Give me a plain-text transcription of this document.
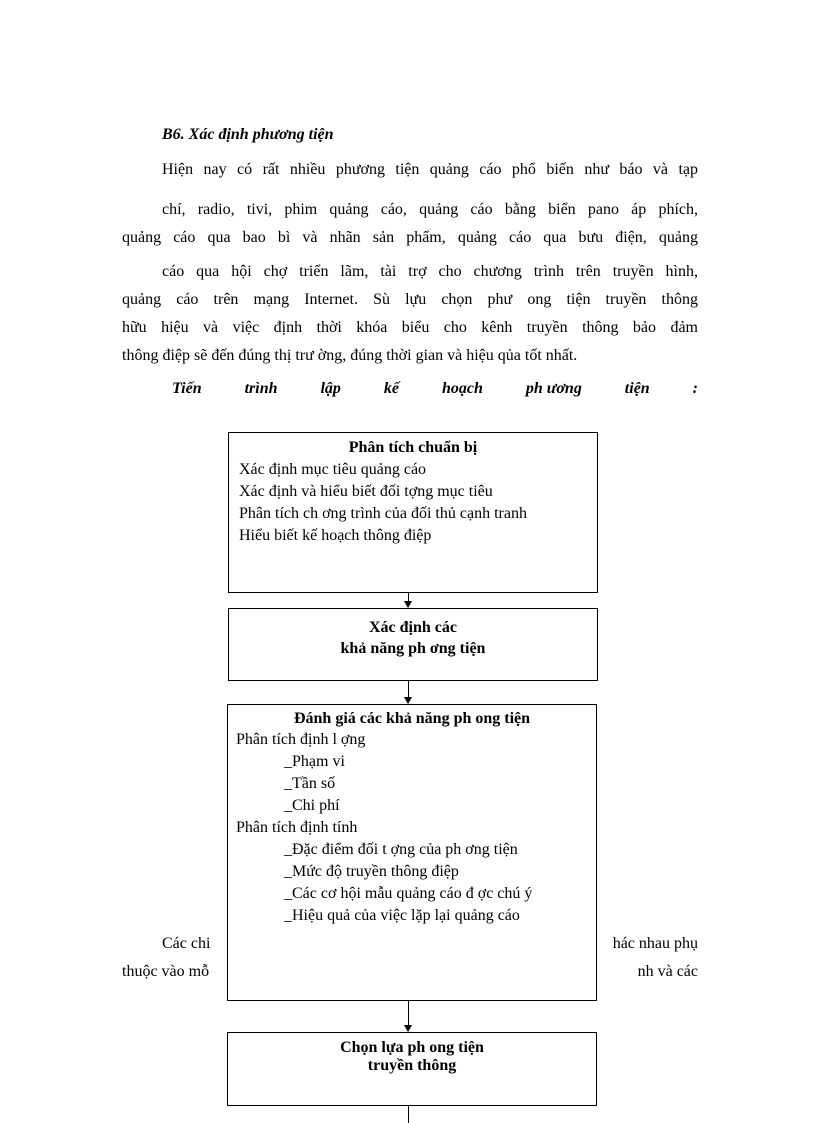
B6. Xác định phương tiện
Hiện nay có rất nhiều phương tiện quảng cáo phổ biến như báo và tạp
chí, radio, tivi, phim quảng cáo, quảng cáo bằng biển pano áp phích,
quảng cáo qua bao bì và nhãn sản phẩm, quảng cáo qua bưu điện, quảng
cáo qua hội chợ triển lãm, tài trợ cho chương trình trên truyền hình,
quảng cáo trên mạng Internet. Sù lựu chọn phư ong tiện truyền thông
hữu hiệu và việc định thời khóa biểu cho kênh truyền thông bảo đảm
thông điệp sẽ đến đúng thị trư ờng, đúng thời gian và hiệu qủa tốt nhất.
Tiến	trình	lập	kế	hoạch	ph ương	tiện	:
Các chi	hác nhau phụ
thuộc vào mỗ	nh và các
Phân tích chuẩn bị
Xác định mục tiêu quảng cáo
Xác định và hiểu biết đối tợng mục tiêu
Phân tích ch ơng trình của đối thủ cạnh tranh
Hiểu biết kế hoạch thông điệp
Xác định các
khả năng ph ơng tiện
Đánh giá các khả năng ph ong tiện
Phân tích định l ợng
_Phạm vi
_Tần số
_Chi phí
Phân tích định tính
_Đặc điểm đối t ợng của ph ơng tiện
_Mức độ truyền thông điệp
_Các cơ hội mẫu quảng cáo đ ợc chú ý
_Hiệu quả của việc lặp lại quảng cáo
Chọn lựa ph ong tiện
truyền thông
